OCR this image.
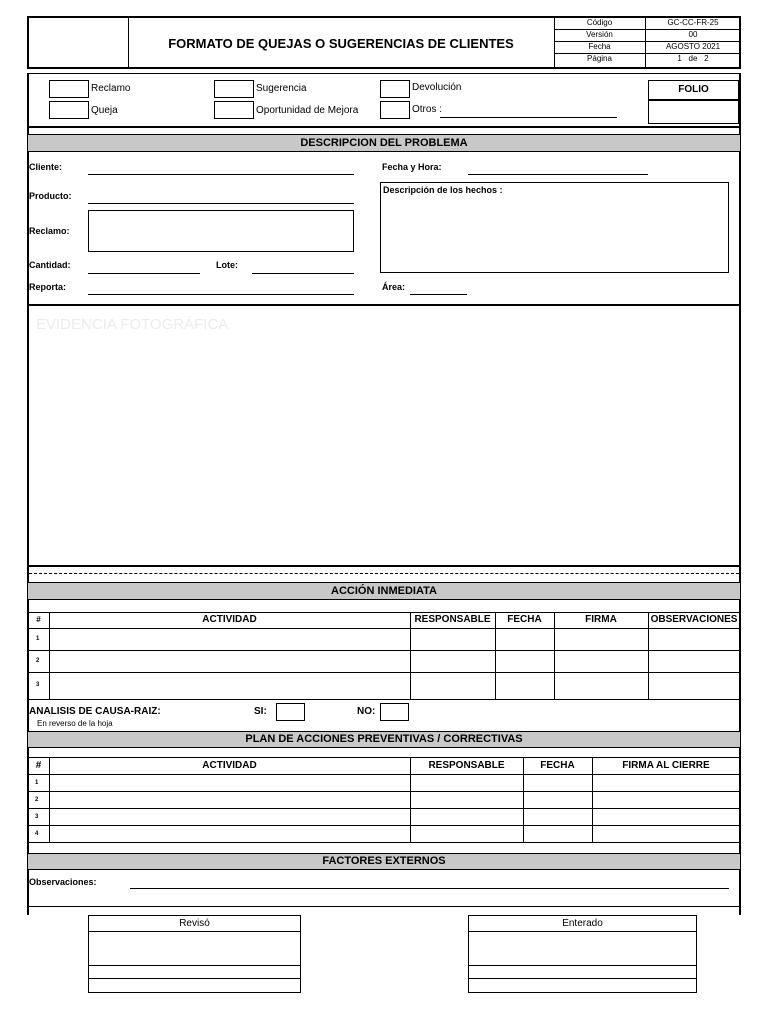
FORMATO DE QUEJAS O SUGERENCIAS DE CLIENTES
Código	GC-CC-FR-25
Versión	00
Fecha	AGOSTO 2021
Página	1   de   2
Reclamo
Queja
Sugerencia
Oportunidad de Mejora
Devolución
Otros :
FOLIO
DESCRIPCION DEL PROBLEMA
Cliente:
Producto:
Reclamo:
Cantidad:	Lote:
Reporta:
Fecha y Hora:
Descripción de los hechos :
Área:
EVIDENCIA FOTOGRÁFICA
ACCIÓN INMEDIATA
#	ACTIVIDAD	RESPONSABLE	FECHA	FIRMA	OBSERVACIONES
1
2
3
ANALISIS DE CAUSA-RAIZ:
En reverso de la hoja
SI:	NO:
PLAN DE ACCIONES PREVENTIVAS / CORRECTIVAS
#	ACTIVIDAD	RESPONSABLE	FECHA	FIRMA AL CIERRE
1
2
3
4
FACTORES EXTERNOS
Observaciones:
Revisó	Enterado
